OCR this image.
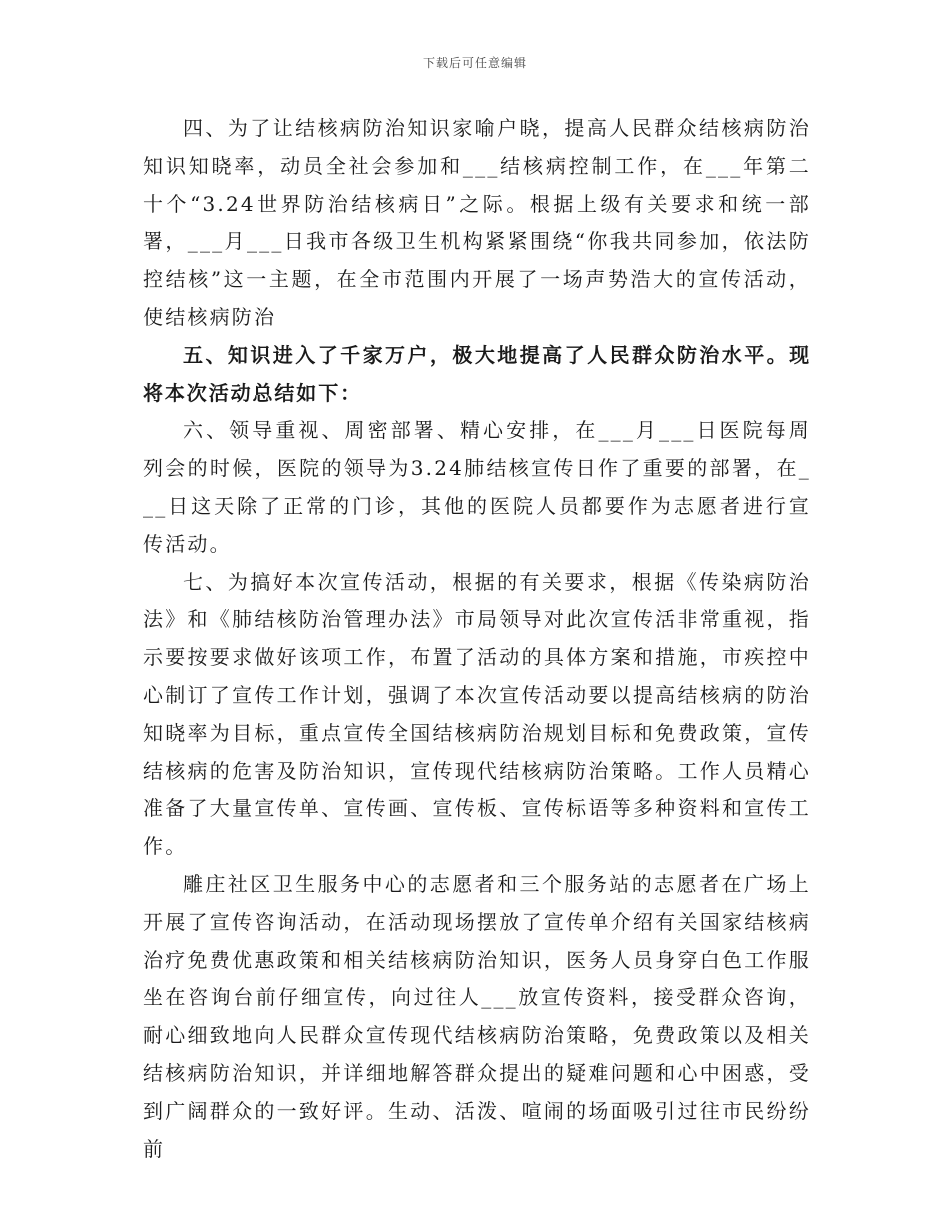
下载后可任意编辑

四、为了让结核病防治知识家喻户晓，提高人民群众结核病防治知识知晓率，动员全社会参加和___结核病控制工作，在___年第二十个“3.24世界防治结核病日”之际。根据上级有关要求和统一部署，___月___日我市各级卫生机构紧紧围绕“你我共同参加，依法防控结核”这一主题，在全市范围内开展了一场声势浩大的宣传活动，使结核病防治

五、知识进入了千家万户，极大地提高了人民群众防治水平。现将本次活动总结如下：

六、领导重视、周密部署、精心安排，在___月___日医院每周列会的时候，医院的领导为3.24肺结核宣传日作了重要的部署，在___日这天除了正常的门诊，其他的医院人员都要作为志愿者进行宣传活动。

七、为搞好本次宣传活动，根据的有关要求，根据《传染病防治法》和《肺结核防治管理办法》市局领导对此次宣传活非常重视，指示要按要求做好该项工作，布置了活动的具体方案和措施，市疾控中心制订了宣传工作计划，强调了本次宣传活动要以提高结核病的防治知晓率为目标，重点宣传全国结核病防治规划目标和免费政策，宣传结核病的危害及防治知识，宣传现代结核病防治策略。工作人员精心准备了大量宣传单、宣传画、宣传板、宣传标语等多种资料和宣传工作。

雕庄社区卫生服务中心的志愿者和三个服务站的志愿者在广场上开展了宣传咨询活动，在活动现场摆放了宣传单介绍有关国家结核病治疗免费优惠政策和相关结核病防治知识，医务人员身穿白色工作服坐在咨询台前仔细宣传，向过往人___放宣传资料，接受群众咨询，耐心细致地向人民群众宣传现代结核病防治策略，免费政策以及相关结核病防治知识，并详细地解答群众提出的疑难问题和心中困惑，受到广阔群众的一致好评。生动、活泼、喧闹的场面吸引过往市民纷纷前
